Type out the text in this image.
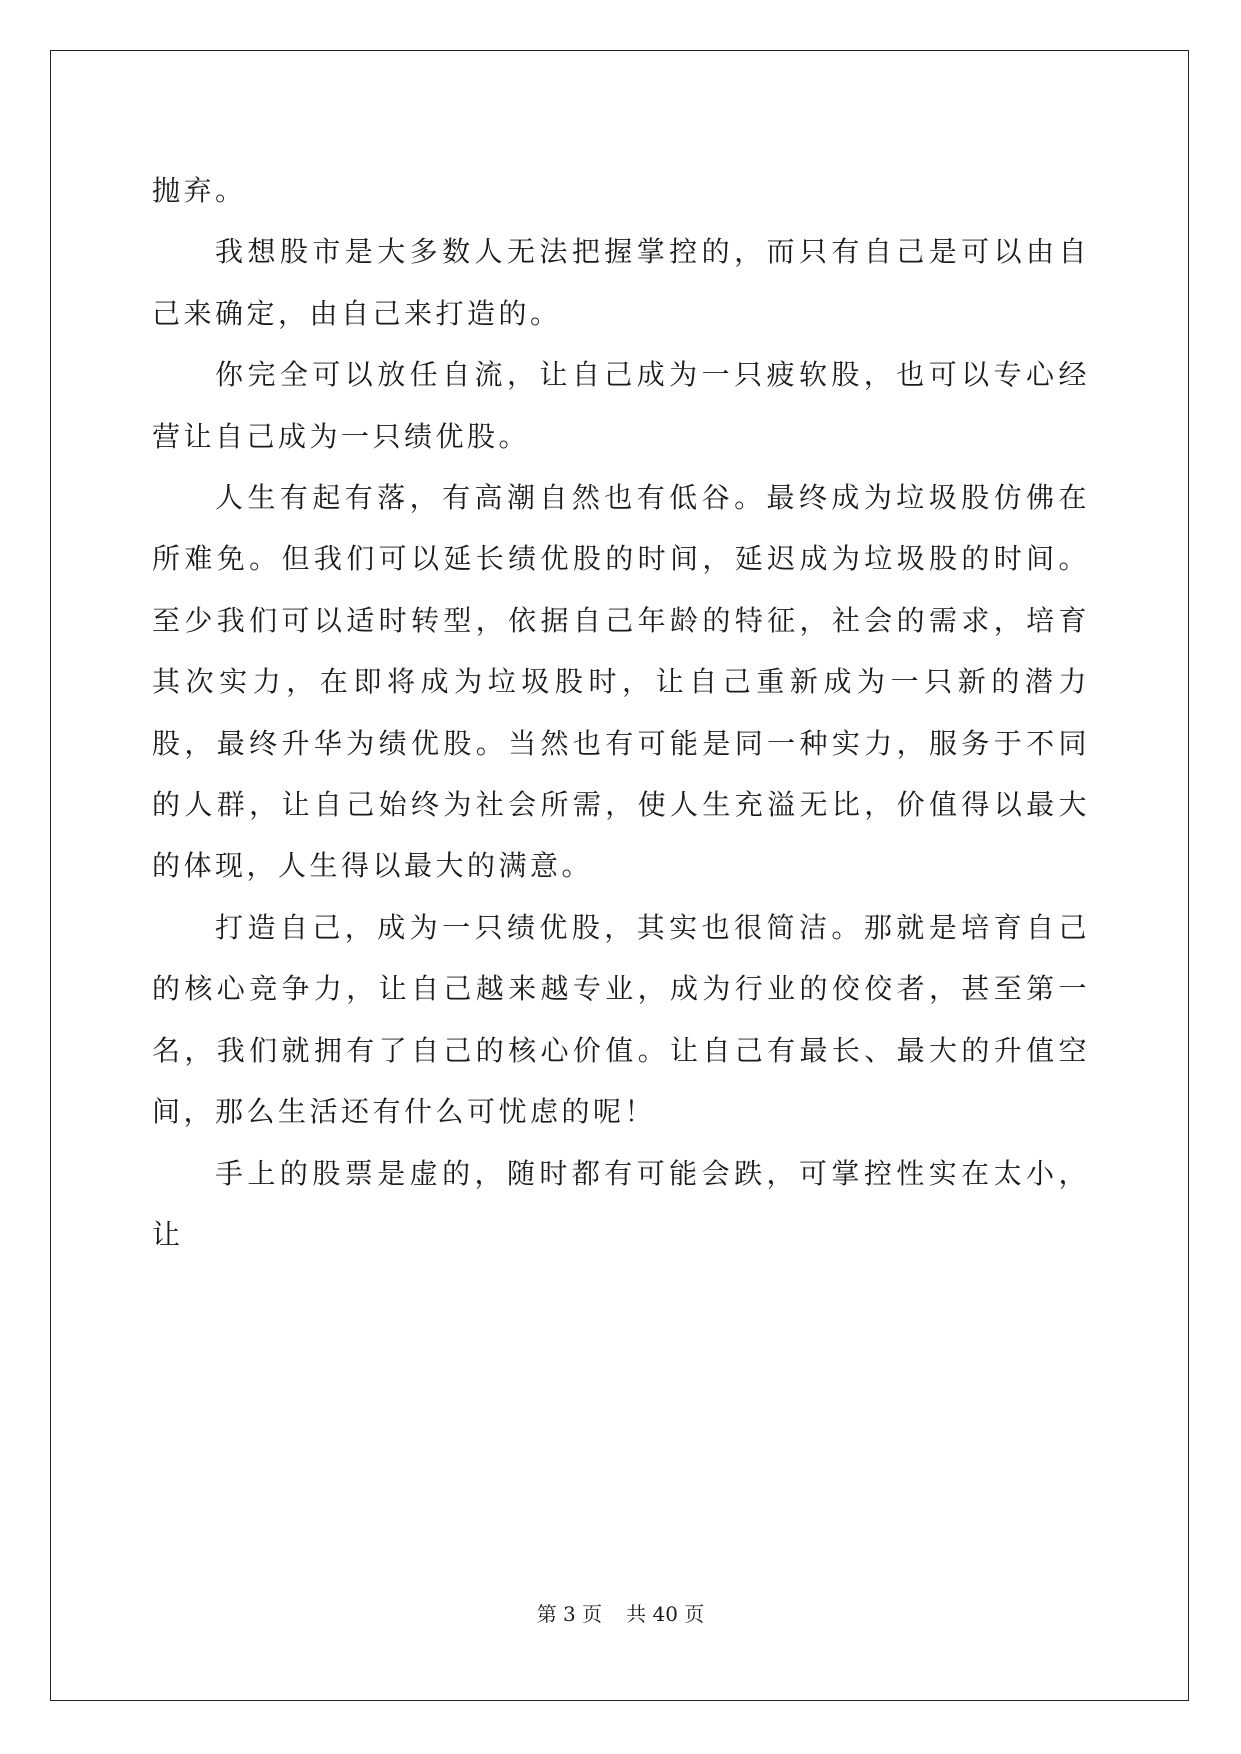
抛弃。

我想股市是大多数人无法把握掌控的，而只有自己是可以由自己来确定，由自己来打造的。

你完全可以放任自流，让自己成为一只疲软股，也可以专心经营让自己成为一只绩优股。

人生有起有落，有高潮自然也有低谷。最终成为垃圾股仿佛在所难免。但我们可以延长绩优股的时间，延迟成为垃圾股的时间。至少我们可以适时转型，依据自己年龄的特征，社会的需求，培育其次实力，在即将成为垃圾股时，让自己重新成为一只新的潜力股，最终升华为绩优股。当然也有可能是同一种实力，服务于不同的人群，让自己始终为社会所需，使人生充溢无比，价值得以最大的体现，人生得以最大的满意。

打造自己，成为一只绩优股，其实也很简洁。那就是培育自己的核心竞争力，让自己越来越专业，成为行业的佼佼者，甚至第一名，我们就拥有了自己的核心价值。让自己有最长、最大的升值空间，那么生活还有什么可忧虑的呢！

手上的股票是虚的，随时都有可能会跌，可掌控性实在太小，让

第 3 页 共 40 页
